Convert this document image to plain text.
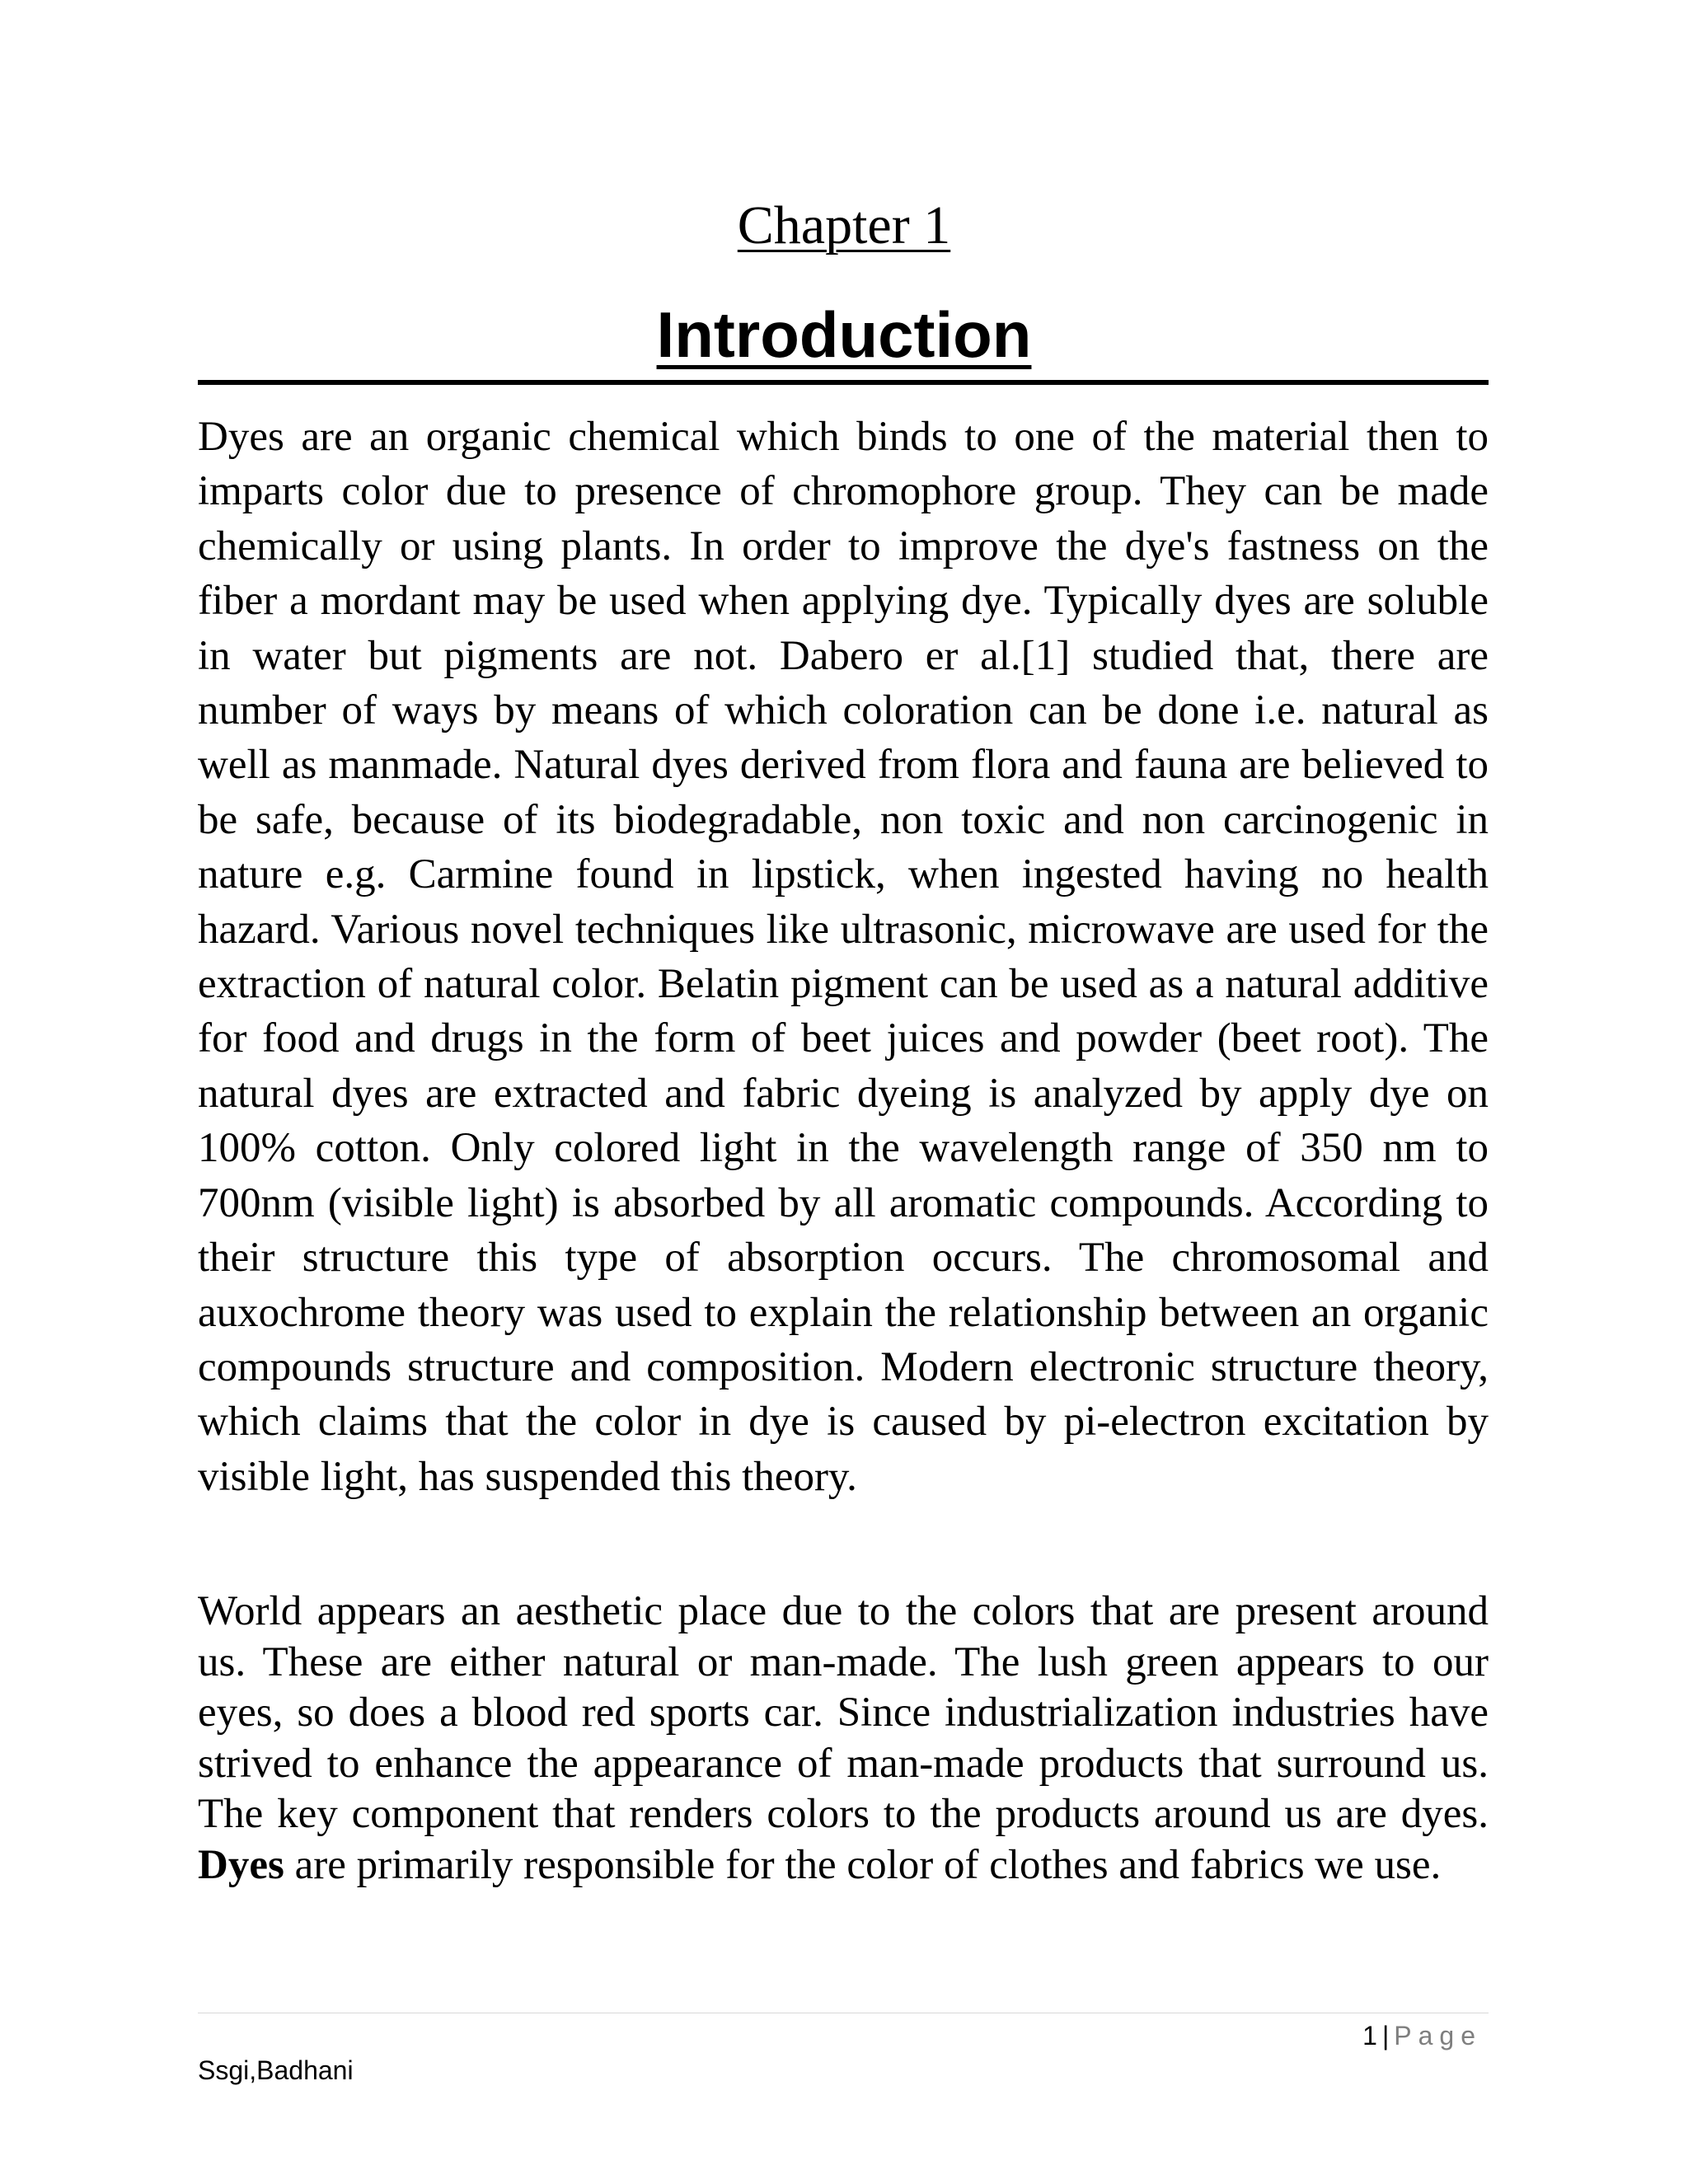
Chapter 1
Introduction

Dyes are an organic chemical which binds to one of the material then to imparts color due to presence of chromophore group. They can be made chemically or using plants. In order to improve the dye's fastness on the fiber a mordant may be used when applying dye. Typically dyes are soluble in water but pigments are not. Dabero er al.[1] studied that, there are number of ways by means of which coloration can be done i.e. natural as well as manmade. Natural dyes derived from flora and fauna are believed to be safe, because of its biodegradable, non toxic and non carcinogenic in nature e.g. Carmine found in lipstick, when ingested having no health hazard. Various novel techniques like ultrasonic, microwave are used for the extraction of natural color. Belatin pigment can be used as a natural additive for food and drugs in the form of beet juices and powder (beet root). The natural dyes are extracted and fabric dyeing is analyzed by apply dye on 100% cotton. Only colored light in the wavelength range of 350 nm to 700nm (visible light) is absorbed by all aromatic compounds. According to their structure this type of absorption occurs. The chromosomal and auxochrome theory was used to explain the relationship between an organic compounds structure and composition. Modern electronic structure theory, which claims that the color in dye is caused by pi-electron excitation by visible light, has suspended this theory.

World appears an aesthetic place due to the colors that are present around us. These are either natural or man-made. The lush green appears to our eyes, so does a blood red sports car. Since industrialization industries have strived to enhance the appearance of man-made products that surround us. The key component that renders colors to the products around us are dyes. Dyes are primarily responsible for the color of clothes and fabrics we use.

1 | Page
Ssgi,Badhani
